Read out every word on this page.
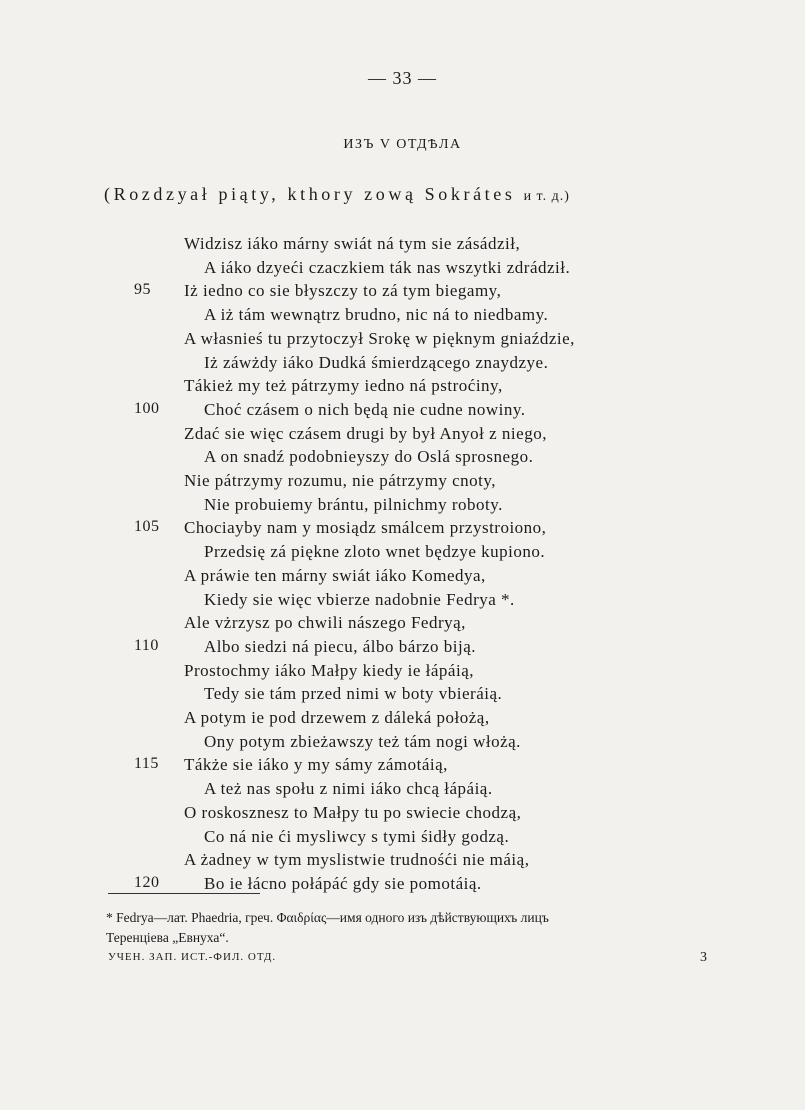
— 33 —
ИЗЪ V ОТДѢЛА
(Rozdzyał piąty, kthory zową Sokrátes и т. д.)
Widzisz iáko márny swiát ná tym sie zásádził,
A iáko dzyeći czaczkiem ták nas wszytki zdrádził.
95	Iż iedno co sie błyszczy to zá tym biegamy,
A iż tám wewnątrz brudno, nic ná to niedbamy.
A własnieś tu przytoczył Srokę w pięknym gniaździe,
Iż záwżdy iáko Dudká śmierdzącego znaydzye.
Tákież my też pátrzymy iedno ná pstroćiny,
100	Choć czásem o nich będą nie cudne nowiny.
Zdać sie więc czásem drugi by był Anyoł z niego,
A on snadź podobnieyszy do Oslá sprosnego.
Nie pátrzymy rozumu, nie pátrzymy cnoty,
Nie probuiemy brántu, pilnichmy roboty.
105	Chociayby nam y mosiądz smálcem przystroiono,
Przedsię zá piękne zloto wnet będzye kupiono.
A práwie ten márny swiát iáko Komedya,
Kiedy sie więc vbierze nadobnie Fedrya *.
Ale vżrzysz po chwili nászego Fedryą,
110	Albo siedzi ná piecu, álbo bárzo biją.
Prostochmy iáko Małpy kiedy ie łápáią,
Tedy sie tám przed nimi w boty vbieráią.
A potym ie pod drzewem z dáleká położą,
Ony potym zbieżawszy też tám nogi włożą.
115	Tákże sie iáko y my sámy zámotáią,
A też nas społu z nimi iáko chcą łápáią.
O roskosznesz to Małpy tu po swiecie chodzą,
Co ná nie ći mysliwcy s tymi śidły godzą.
A żadney w tym myslistwie trudnośći nie máią,
120	Bo ie łácno połápáć gdy sie pomotáią.
* Fedrya—лат. Phaedria, греч. Φαιδρίας—имя одного изъ дѣйствующихъ лицъ
Теренціева „Евнуха“.
УЧЕН. ЗАП. ИСТ.-ФИЛ. ОТД.	3
